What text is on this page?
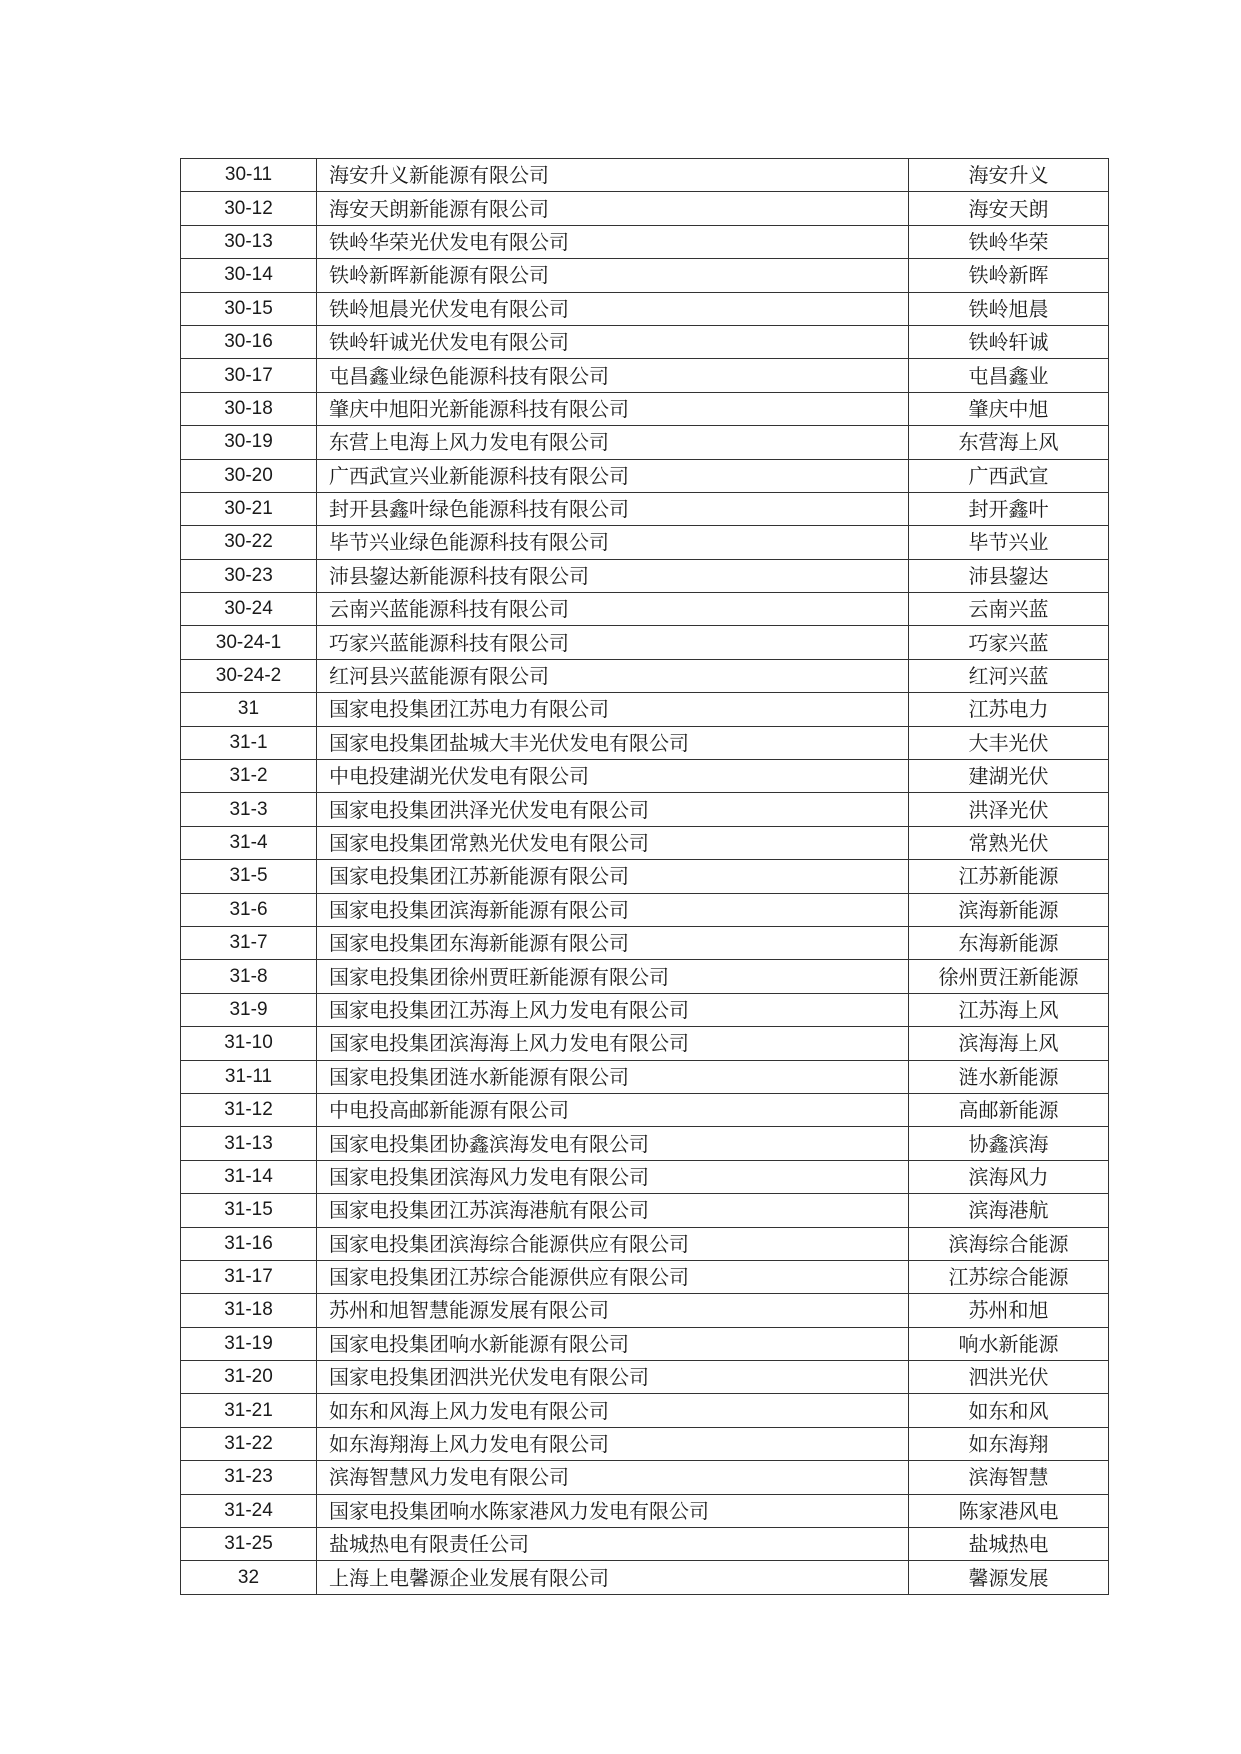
30-11	海安升义新能源有限公司	海安升义
30-12	海安天朗新能源有限公司	海安天朗
30-13	铁岭华荣光伏发电有限公司	铁岭华荣
30-14	铁岭新晖新能源有限公司	铁岭新晖
30-15	铁岭旭晨光伏发电有限公司	铁岭旭晨
30-16	铁岭轩诚光伏发电有限公司	铁岭轩诚
30-17	屯昌鑫业绿色能源科技有限公司	屯昌鑫业
30-18	肇庆中旭阳光新能源科技有限公司	肇庆中旭
30-19	东营上电海上风力发电有限公司	东营海上风
30-20	广西武宣兴业新能源科技有限公司	广西武宣
30-21	封开县鑫叶绿色能源科技有限公司	封开鑫叶
30-22	毕节兴业绿色能源科技有限公司	毕节兴业
30-23	沛县鋆达新能源科技有限公司	沛县鋆达
30-24	云南兴蓝能源科技有限公司	云南兴蓝
30-24-1	巧家兴蓝能源科技有限公司	巧家兴蓝
30-24-2	红河县兴蓝能源有限公司	红河兴蓝
31	国家电投集团江苏电力有限公司	江苏电力
31-1	国家电投集团盐城大丰光伏发电有限公司	大丰光伏
31-2	中电投建湖光伏发电有限公司	建湖光伏
31-3	国家电投集团洪泽光伏发电有限公司	洪泽光伏
31-4	国家电投集团常熟光伏发电有限公司	常熟光伏
31-5	国家电投集团江苏新能源有限公司	江苏新能源
31-6	国家电投集团滨海新能源有限公司	滨海新能源
31-7	国家电投集团东海新能源有限公司	东海新能源
31-8	国家电投集团徐州贾旺新能源有限公司	徐州贾汪新能源
31-9	国家电投集团江苏海上风力发电有限公司	江苏海上风
31-10	国家电投集团滨海海上风力发电有限公司	滨海海上风
31-11	国家电投集团涟水新能源有限公司	涟水新能源
31-12	中电投高邮新能源有限公司	高邮新能源
31-13	国家电投集团协鑫滨海发电有限公司	协鑫滨海
31-14	国家电投集团滨海风力发电有限公司	滨海风力
31-15	国家电投集团江苏滨海港航有限公司	滨海港航
31-16	国家电投集团滨海综合能源供应有限公司	滨海综合能源
31-17	国家电投集团江苏综合能源供应有限公司	江苏综合能源
31-18	苏州和旭智慧能源发展有限公司	苏州和旭
31-19	国家电投集团响水新能源有限公司	响水新能源
31-20	国家电投集团泗洪光伏发电有限公司	泗洪光伏
31-21	如东和风海上风力发电有限公司	如东和风
31-22	如东海翔海上风力发电有限公司	如东海翔
31-23	滨海智慧风力发电有限公司	滨海智慧
31-24	国家电投集团响水陈家港风力发电有限公司	陈家港风电
31-25	盐城热电有限责任公司	盐城热电
32	上海上电馨源企业发展有限公司	馨源发展
